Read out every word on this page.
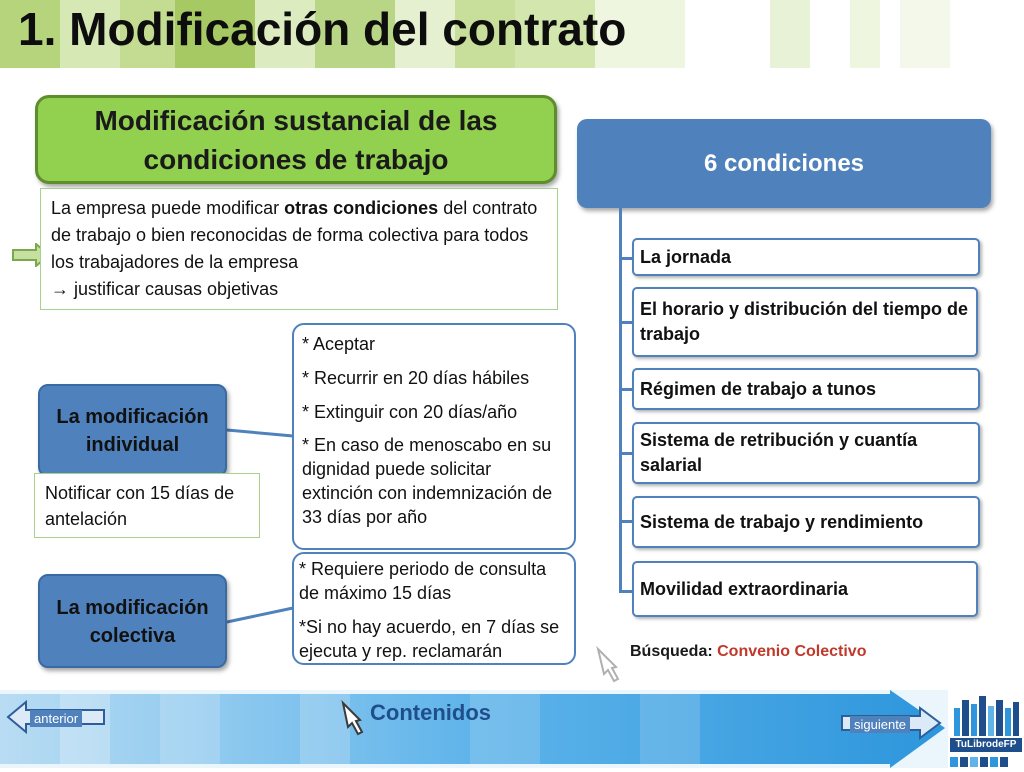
1. Modificación del contrato
Modificación sustancial de las condiciones de trabajo
La empresa puede modificar otras condiciones del contrato de trabajo o bien reconocidas de forma colectiva para todos los trabajadores de la empresa
→ justificar causas objetivas
La modificación individual
Notificar con 15 días de antelación
* Aceptar
* Recurrir en 20 días hábiles
* Extinguir con 20 días/año
* En caso de menoscabo en su dignidad puede solicitar extinción con indemnización de 33 días por año
La modificación colectiva
* Requiere periodo de consulta de máximo 15 días
*Si no hay acuerdo, en 7 días se ejecuta y rep. reclamarán
6 condiciones
La jornada
El horario y distribución del tiempo de trabajo
Régimen de trabajo a tunos
Sistema de retribución y cuantía salarial
Sistema de trabajo y rendimiento
Movilidad extraordinaria
Búsqueda: Convenio Colectivo
anterior	Contenidos	siguiente
TuLibrodeFP
